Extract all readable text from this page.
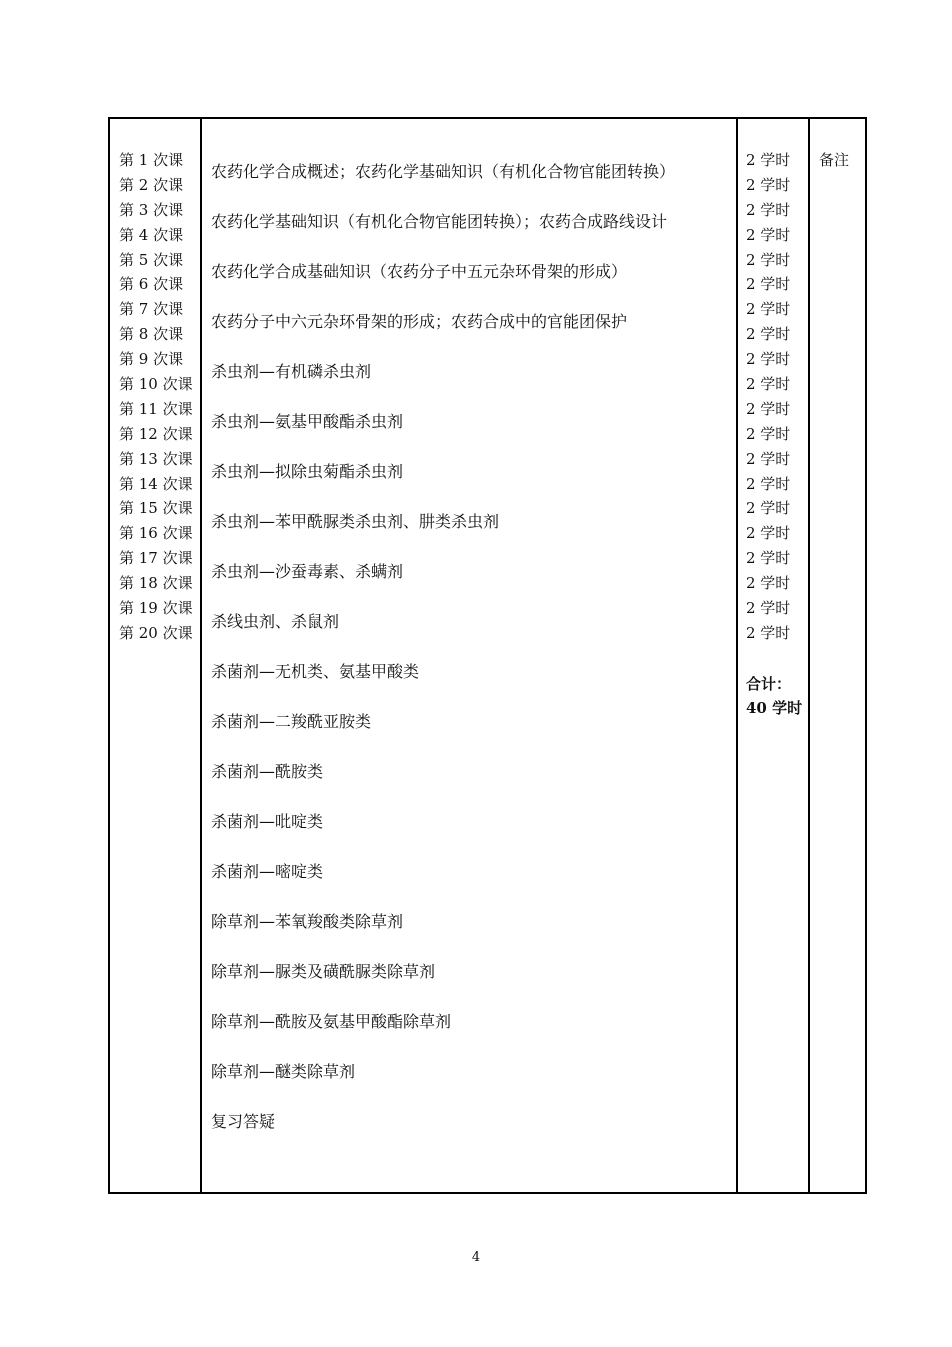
第 1 次课
第 2 次课
第 3 次课
第 4 次课
第 5 次课
第 6 次课
第 7 次课
第 8 次课
第 9 次课
第 10 次课
第 11 次课
第 12 次课
第 13 次课
第 14 次课
第 15 次课
第 16 次课
第 17 次课
第 18 次课
第 19 次课
第 20 次课
农药化学合成概述；农药化学基础知识（有机化合物官能团转换）
农药化学基础知识（有机化合物官能团转换）；农药合成路线设计
农药化学合成基础知识（农药分子中五元杂环骨架的形成）
农药分子中六元杂环骨架的形成；农药合成中的官能团保护
杀虫剂—有机磷杀虫剂
杀虫剂—氨基甲酸酯杀虫剂
杀虫剂—拟除虫菊酯杀虫剂
杀虫剂—苯甲酰脲类杀虫剂、肼类杀虫剂
杀虫剂—沙蚕毒素、杀螨剂
杀线虫剂、杀鼠剂
杀菌剂—无机类、氨基甲酸类
杀菌剂—二羧酰亚胺类
杀菌剂—酰胺类
杀菌剂—吡啶类
杀菌剂—嘧啶类
除草剂—苯氧羧酸类除草剂
除草剂—脲类及磺酰脲类除草剂
除草剂—酰胺及氨基甲酸酯除草剂
除草剂—醚类除草剂
复习答疑
2 学时
2 学时
2 学时
2 学时
2 学时
2 学时
2 学时
2 学时
2 学时
2 学时
2 学时
2 学时
2 学时
2 学时
2 学时
2 学时
2 学时
2 学时
2 学时
2 学时
合计：
40 学时
备注
4
